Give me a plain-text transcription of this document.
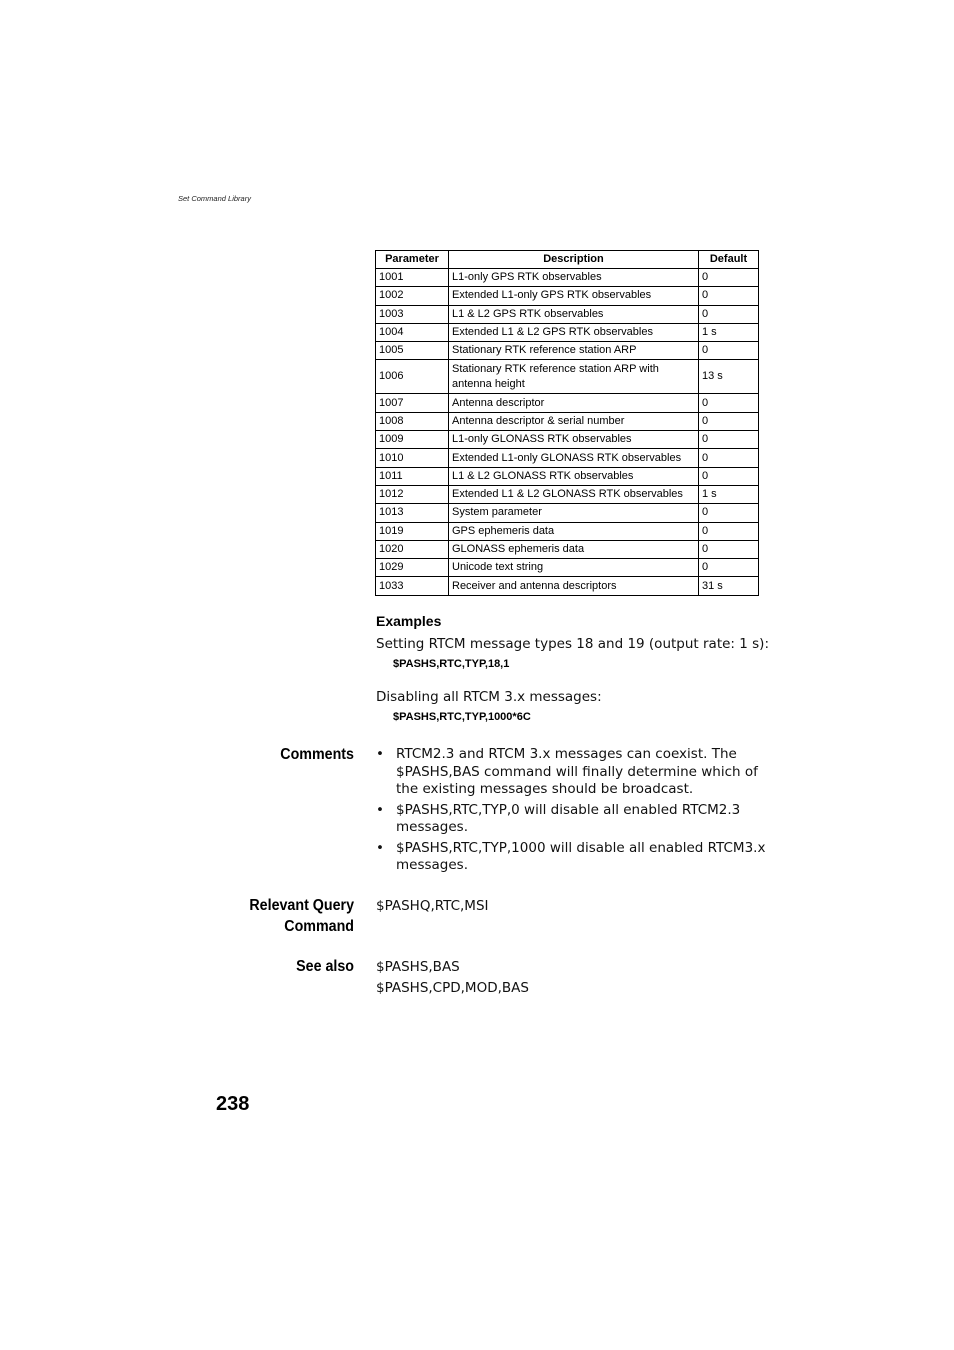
Set Command Library
Parameter	Description	Default
1001	L1-only GPS RTK observables	0
1002	Extended L1-only GPS RTK observables	0
1003	L1 & L2 GPS RTK observables	0
1004	Extended L1 & L2 GPS RTK observables	1 s
1005	Stationary RTK reference station ARP	0
1006	Stationary RTK reference station ARP with antenna height	13 s
1007	Antenna descriptor	0
1008	Antenna descriptor & serial number	0
1009	L1-only GLONASS RTK observables	0
1010	Extended L1-only GLONASS RTK observables	0
1011	L1 & L2 GLONASS RTK observables	0
1012	Extended L1 & L2 GLONASS RTK observables	1 s
1013	System parameter	0
1019	GPS ephemeris data	0
1020	GLONASS ephemeris data	0
1029	Unicode text string	0
1033	Receiver and antenna descriptors	31 s
Examples
Setting RTCM message types 18 and 19 (output rate: 1 s):
$PASHS,RTC,TYP,18,1
Disabling all RTCM 3.x messages:
$PASHS,RTC,TYP,1000*6C
Comments • RTCM2.3 and RTCM 3.x messages can coexist. The $PASHS,BAS command will finally determine which of the existing messages should be broadcast.
• $PASHS,RTC,TYP,0 will disable all enabled RTCM2.3 messages.
• $PASHS,RTC,TYP,1000 will disable all enabled RTCM3.x messages.
Relevant Query
Command
$PASHQ,RTC,MSI
See also $PASHS,BAS
$PASHS,CPD,MOD,BAS
238
